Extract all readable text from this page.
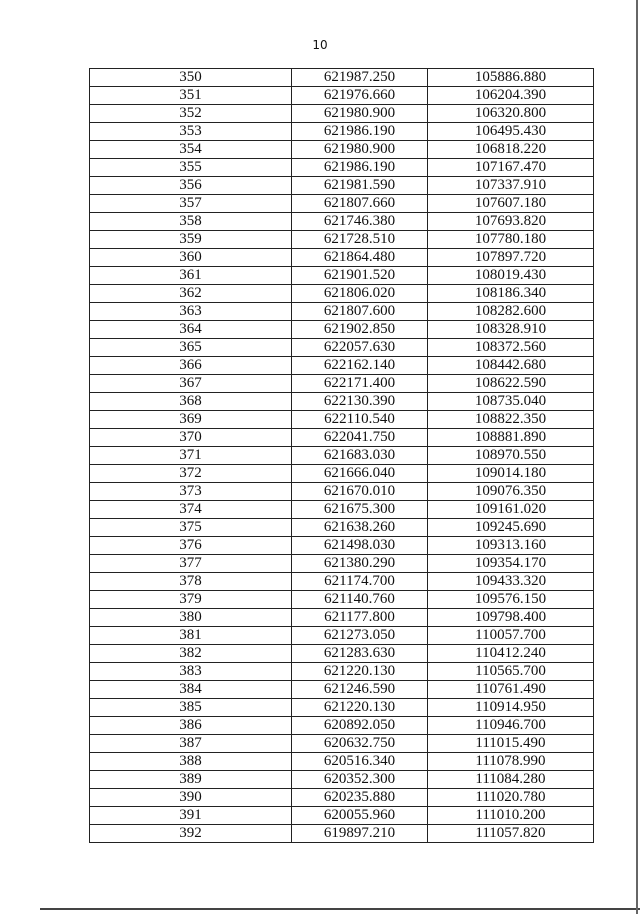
10
350	621987.250	105886.880
351	621976.660	106204.390
352	621980.900	106320.800
353	621986.190	106495.430
354	621980.900	106818.220
355	621986.190	107167.470
356	621981.590	107337.910
357	621807.660	107607.180
358	621746.380	107693.820
359	621728.510	107780.180
360	621864.480	107897.720
361	621901.520	108019.430
362	621806.020	108186.340
363	621807.600	108282.600
364	621902.850	108328.910
365	622057.630	108372.560
366	622162.140	108442.680
367	622171.400	108622.590
368	622130.390	108735.040
369	622110.540	108822.350
370	622041.750	108881.890
371	621683.030	108970.550
372	621666.040	109014.180
373	621670.010	109076.350
374	621675.300	109161.020
375	621638.260	109245.690
376	621498.030	109313.160
377	621380.290	109354.170
378	621174.700	109433.320
379	621140.760	109576.150
380	621177.800	109798.400
381	621273.050	110057.700
382	621283.630	110412.240
383	621220.130	110565.700
384	621246.590	110761.490
385	621220.130	110914.950
386	620892.050	110946.700
387	620632.750	111015.490
388	620516.340	111078.990
389	620352.300	111084.280
390	620235.880	111020.780
391	620055.960	111010.200
392	619897.210	111057.820
